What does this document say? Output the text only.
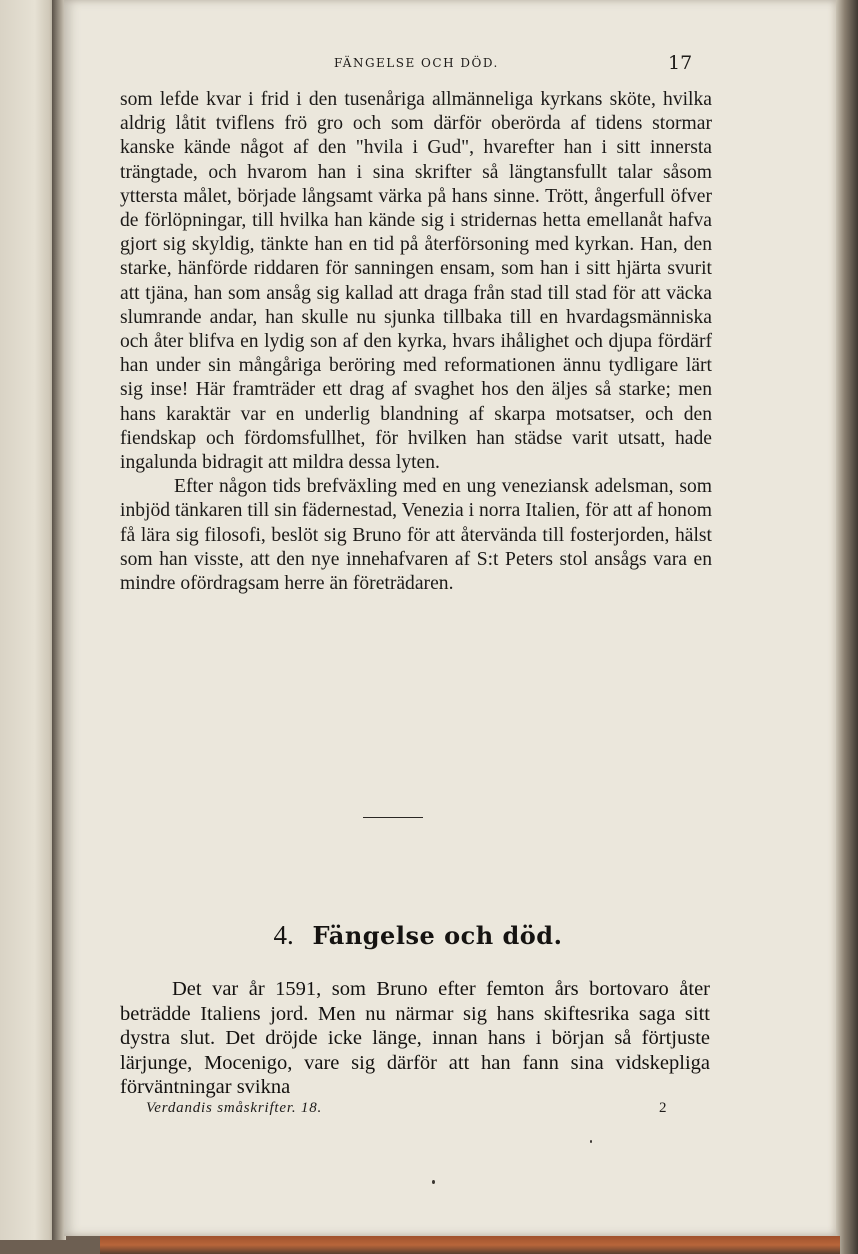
FÄNGELSE OCH DÖD.	17

som lefde kvar i frid i den tusenåriga allmänneliga kyrkans sköte, hvilka aldrig låtit tviflens frö gro och som därför oberörda af tidens stormar kanske kände något af den "hvila i Gud", hvarefter han i sitt innersta trängtade, och hvarom han i sina skrifter så längtansfullt talar såsom yttersta målet, började långsamt värka på hans sinne. Trött, ångerfull öfver de förlöpningar, till hvilka han kände sig i stridernas hetta emellanåt hafva gjort sig skyldig, tänkte han en tid på återförsoning med kyrkan. Han, den starke, hänförde riddaren för sanningen ensam, som han i sitt hjärta svurit att tjäna, han som ansåg sig kallad att draga från stad till stad för att väcka slumrande andar, han skulle nu sjunka tillbaka till en hvardagsmänniska och åter blifva en lydig son af den kyrka, hvars ihålighet och djupa fördärf han under sin mångåriga beröring med reformationen ännu tydligare lärt sig inse! Här framträder ett drag af svaghet hos den äljes så starke; men hans karaktär var en underlig blandning af skarpa motsatser, och den fiendskap och fördomsfullhet, för hvilken han städse varit utsatt, hade ingalunda bidragit att mildra dessa lyten.

Efter någon tids brefväxling med en ung veneziansk adelsman, som inbjöd tänkaren till sin fädernestad, Venezia i norra Italien, för att af honom få lära sig filosofi, beslöt sig Bruno för att återvända till fosterjorden, hälst som han visste, att den nye innehafvaren af S:t Peters stol ansågs vara en mindre ofördragsam herre än företrädaren.

4. Fängelse och död.

Det var år 1591, som Bruno efter femton års bortovaro åter beträdde Italiens jord. Men nu närmar sig hans skiftesrika saga sitt dystra slut. Det dröjde icke länge, innan hans i början så förtjuste lärjunge, Mocenigo, vare sig därför att han fann sina vidskepliga förväntningar svikna

Verdandis småskrifter. 18.	2
